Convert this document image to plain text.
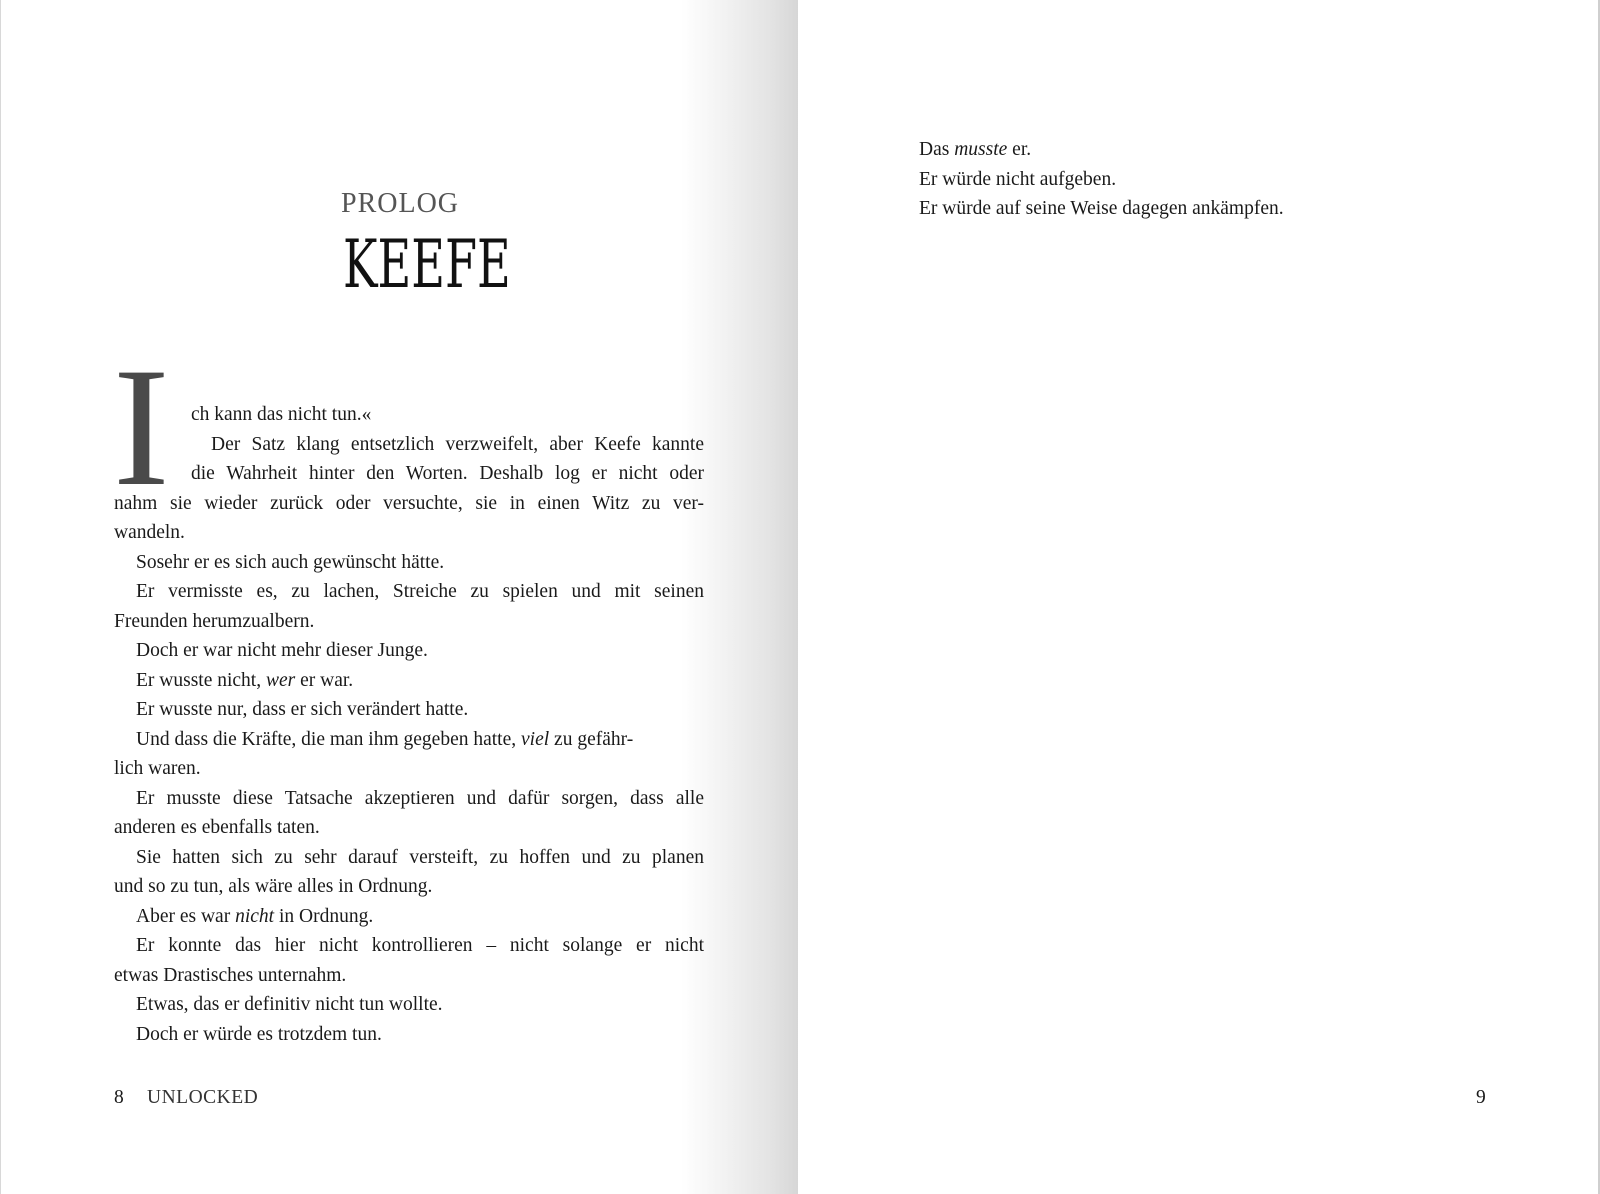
PROLOG
KEEFE
I	ch kann das nicht tun.«
Der Satz klang entsetzlich verzweifelt, aber Keefe kannte
die Wahrheit hinter den Worten. Deshalb log er nicht oder
nahm sie wieder zurück oder versuchte, sie in einen Witz zu ver-
wandeln.
Sosehr er es sich auch gewünscht hätte.
Er vermisste es, zu lachen, Streiche zu spielen und mit seinen
Freunden herumzualbern.
Doch er war nicht mehr dieser Junge.
Er wusste nicht, wer er war.
Er wusste nur, dass er sich verändert hatte.
Und dass die Kräfte, die man ihm gegeben hatte, viel zu gefähr-
lich waren.
Er musste diese Tatsache akzeptieren und dafür sorgen, dass alle
anderen es ebenfalls taten.
Sie hatten sich zu sehr darauf versteift, zu hoffen und zu planen
und so zu tun, als wäre alles in Ordnung.
Aber es war nicht in Ordnung.
Er konnte das hier nicht kontrollieren – nicht solange er nicht
etwas Drastisches unternahm.
Etwas, das er definitiv nicht tun wollte.
Doch er würde es trotzdem tun.
8 UNLOCKED
Das musste er.
Er würde nicht aufgeben.
Er würde auf seine Weise dagegen ankämpfen.
9
